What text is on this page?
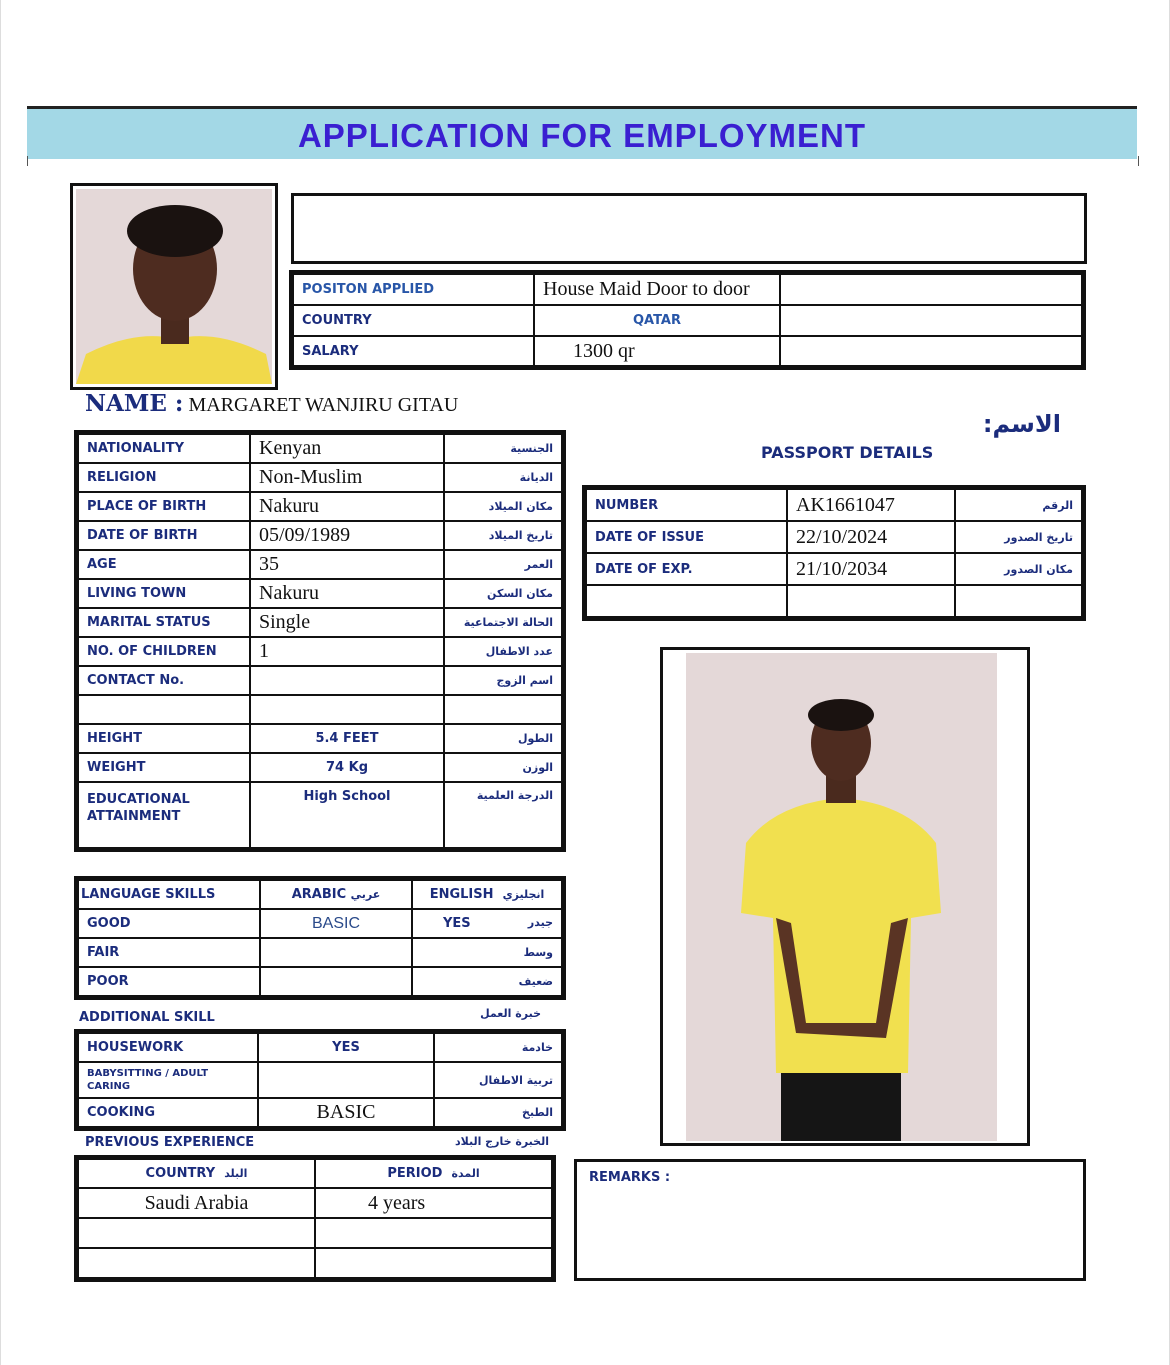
APPLICATION FOR EMPLOYMENT
POSITON APPLIED	House Maid Door to door	
COUNTRY	QATAR	
SALARY	1300 qr	
NAME : MARGARET WANJIRU GITAU
الاسم:
NATIONALITY	Kenyan	الجنسية
RELIGION	Non-Muslim	الديانة
PLACE OF BIRTH	Nakuru	مكان الميلاد
DATE OF BIRTH	05/09/1989	تاريخ الميلاد
AGE	35	العمر
LIVING TOWN	Nakuru	مكان السكن
MARITAL STATUS	Single	الحالة الاجتماعية
NO. OF CHILDREN	1	عدد الاطفال
CONTACT No.		اسم الزوج

HEIGHT	5.4 FEET	الطول
WEIGHT	74 Kg	الوزن
EDUCATIONAL ATTAINMENT	High School	الدرجة العلمية
PASSPORT DETAILS
NUMBER	AK1661047	الرقم
DATE OF ISSUE	22/10/2024	تاريخ الصدور
DATE OF EXP.	21/10/2034	مكان الصدور

LANGUAGE SKILLS	ARABIC عربي	ENGLISH انجليزي
GOOD	BASIC	YES جيدر

FAIR		وسط

POOR		ضعيف
ADDITIONAL SKILL	خبرة العمل
HOUSEWORK	YES	خادمة
BABYSITTING / ADULT CARING		تربية الاطفال
COOKING	BASIC	الطبخ
PREVIOUS EXPERIENCE	الخبرة خارج البلاد
COUNTRY البلد	PERIOD المدة
Saudi Arabia	4 years

REMARKS :
